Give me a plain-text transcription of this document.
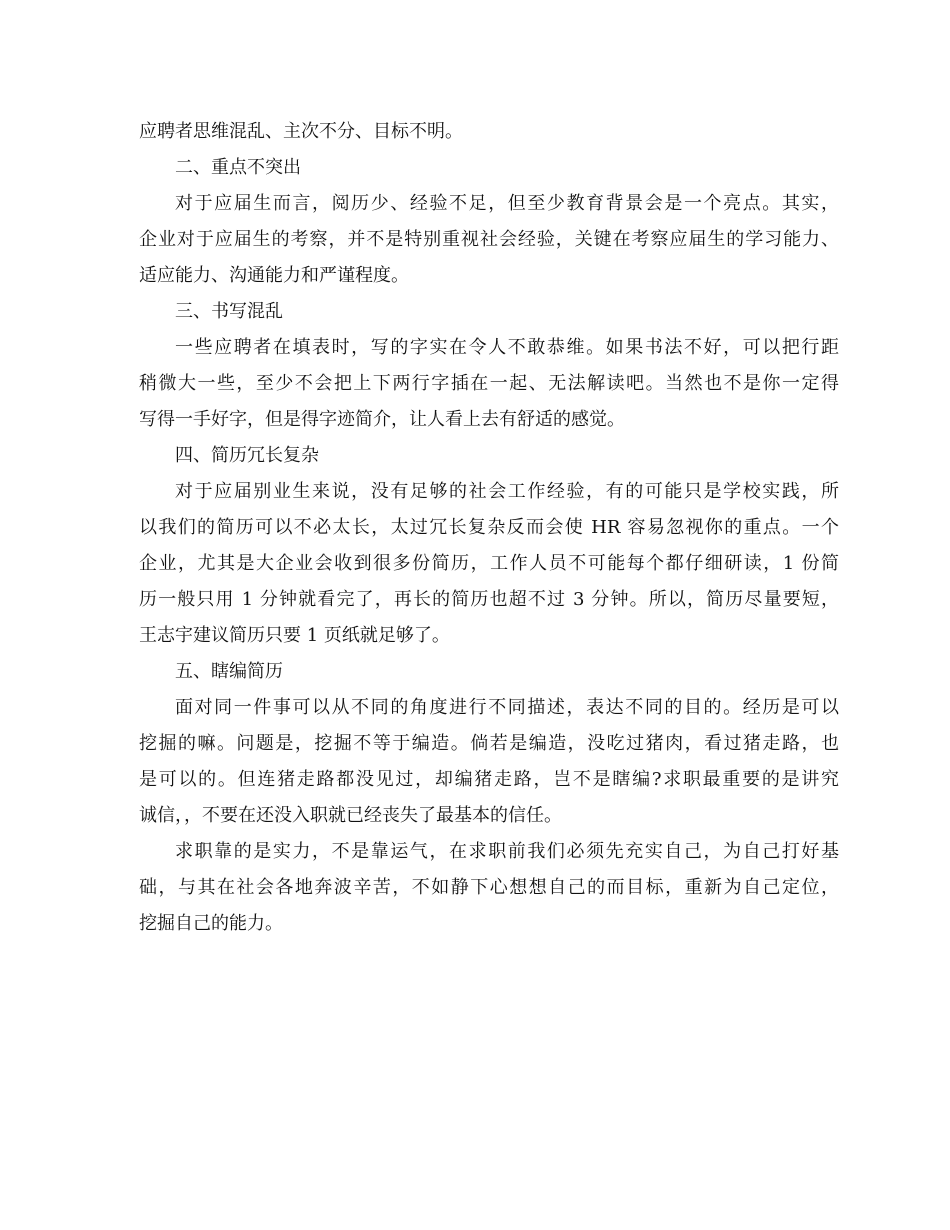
应聘者思维混乱、主次不分、目标不明。
二、重点不突出
对于应届生而言，阅历少、经验不足，但至少教育背景会是一个亮点。其实，
企业对于应届生的考察，并不是特别重视社会经验，关键在考察应届生的学习能力、
适应能力、沟通能力和严谨程度。
三、书写混乱
一些应聘者在填表时，写的字实在令人不敢恭维。如果书法不好，可以把行距
稍微大一些，至少不会把上下两行字插在一起、无法解读吧。当然也不是你一定得
写得一手好字，但是得字迹简介，让人看上去有舒适的感觉。
四、简历冗长复杂
对于应届别业生来说，没有足够的社会工作经验，有的可能只是学校实践，所
以我们的简历可以不必太长，太过冗长复杂反而会使 HR 容易忽视你的重点。一个
企业，尤其是大企业会收到很多份简历，工作人员不可能每个都仔细研读，1 份简
历一般只用 1 分钟就看完了，再长的简历也超不过 3 分钟。所以，简历尽量要短，
王志宇建议简历只要 1 页纸就足够了。
五、瞎编简历
面对同一件事可以从不同的角度进行不同描述，表达不同的目的。经历是可以
挖掘的嘛。问题是，挖掘不等于编造。倘若是编造，没吃过猪肉，看过猪走路，也
是可以的。但连猪走路都没见过，却编猪走路，岂不是瞎编?求职最重要的是讲究
诚信，，不要在还没入职就已经丧失了最基本的信任。
求职靠的是实力，不是靠运气，在求职前我们必须先充实自己，为自己打好基
础，与其在社会各地奔波辛苦，不如静下心想想自己的而目标，重新为自己定位，
挖掘自己的能力。
